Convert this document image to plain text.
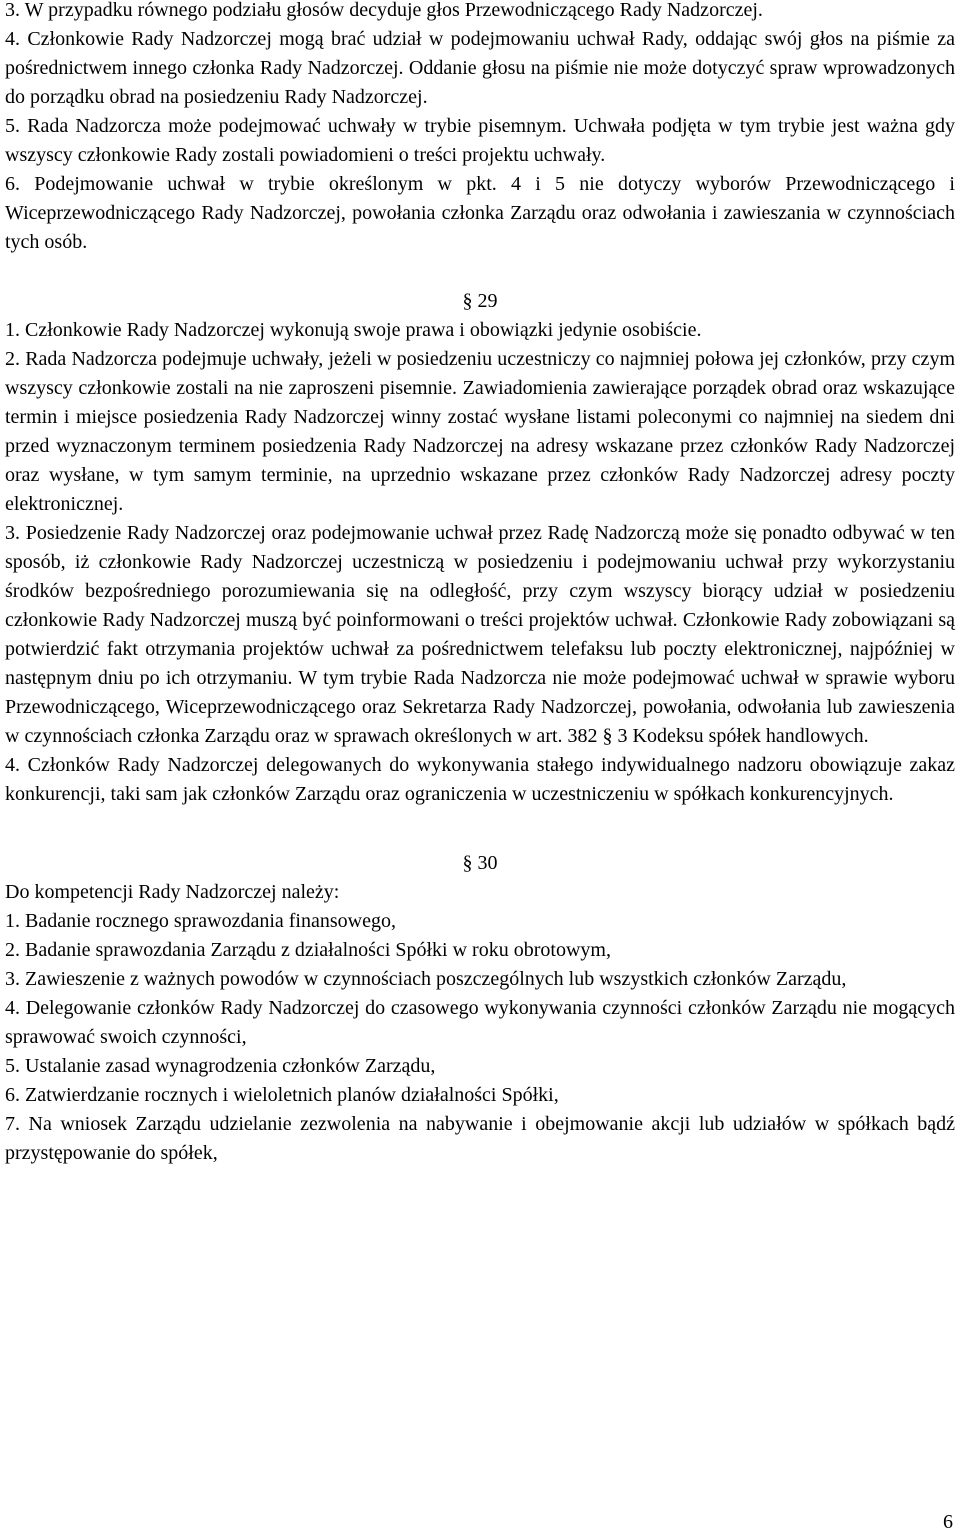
3. W przypadku równego podziału głosów decyduje głos Przewodniczącego Rady Nadzorczej.

4. Członkowie Rady Nadzorczej mogą brać udział w podejmowaniu uchwał Rady, oddając swój głos na piśmie za pośrednictwem innego członka Rady Nadzorczej. Oddanie głosu na piśmie nie może dotyczyć spraw wprowadzonych do porządku obrad na posiedzeniu Rady Nadzorczej.

5. Rada Nadzorcza może podejmować uchwały w trybie pisemnym. Uchwała podjęta w tym trybie jest ważna gdy wszyscy członkowie Rady zostali powiadomieni o treści projektu uchwały.

6. Podejmowanie uchwał w trybie określonym w pkt. 4 i 5 nie dotyczy wyborów Przewodniczącego i Wiceprzewodniczącego Rady Nadzorczej, powołania członka Zarządu oraz odwołania i zawieszania w czynnościach tych osób.

§ 29

1. Członkowie Rady Nadzorczej wykonują swoje prawa i obowiązki jedynie osobiście.

2. Rada Nadzorcza podejmuje uchwały, jeżeli w posiedzeniu uczestniczy co najmniej połowa jej członków, przy czym wszyscy członkowie zostali na nie zaproszeni pisemnie. Zawiadomienia zawierające porządek obrad oraz wskazujące termin i miejsce posiedzenia Rady Nadzorczej winny zostać wysłane listami poleconymi co najmniej na siedem dni przed wyznaczonym terminem posiedzenia Rady Nadzorczej na adresy wskazane przez członków Rady Nadzorczej oraz wysłane, w tym samym terminie, na uprzednio wskazane przez członków Rady Nadzorczej adresy poczty elektronicznej.

3. Posiedzenie Rady Nadzorczej oraz podejmowanie uchwał przez Radę Nadzorczą może się ponadto odbywać w ten sposób, iż członkowie Rady Nadzorczej uczestniczą w posiedzeniu i podejmowaniu uchwał przy wykorzystaniu środków bezpośredniego porozumiewania się na odległość, przy czym wszyscy biorący udział w posiedzeniu członkowie Rady Nadzorczej muszą być poinformowani o treści projektów uchwał. Członkowie Rady zobowiązani są potwierdzić fakt otrzymania projektów uchwał za pośrednictwem telefaksu lub poczty elektronicznej, najpóźniej w następnym dniu po ich otrzymaniu. W tym trybie Rada Nadzorcza nie może podejmować uchwał w sprawie wyboru Przewodniczącego, Wiceprzewodniczącego oraz Sekretarza Rady Nadzorczej, powołania, odwołania lub zawieszenia w czynnościach członka Zarządu oraz w sprawach określonych w art. 382 § 3 Kodeksu spółek handlowych.

4. Członków Rady Nadzorczej delegowanych do wykonywania stałego indywidualnego nadzoru obowiązuje zakaz konkurencji, taki sam jak członków Zarządu oraz ograniczenia w uczestniczeniu w spółkach konkurencyjnych.

§ 30

Do kompetencji Rady Nadzorczej należy:

1. Badanie rocznego sprawozdania finansowego,

2. Badanie sprawozdania Zarządu z działalności Spółki w roku obrotowym,

3. Zawieszenie z ważnych powodów w czynnościach poszczególnych lub wszystkich członków Zarządu,

4. Delegowanie członków Rady Nadzorczej do czasowego wykonywania czynności członków Zarządu nie mogących sprawować swoich czynności,

5. Ustalanie zasad wynagrodzenia członków Zarządu,

6. Zatwierdzanie rocznych i wieloletnich planów działalności Spółki,

7. Na wniosek Zarządu udzielanie zezwolenia na nabywanie i obejmowanie akcji lub udziałów w spółkach bądź przystępowanie do spółek,

6
